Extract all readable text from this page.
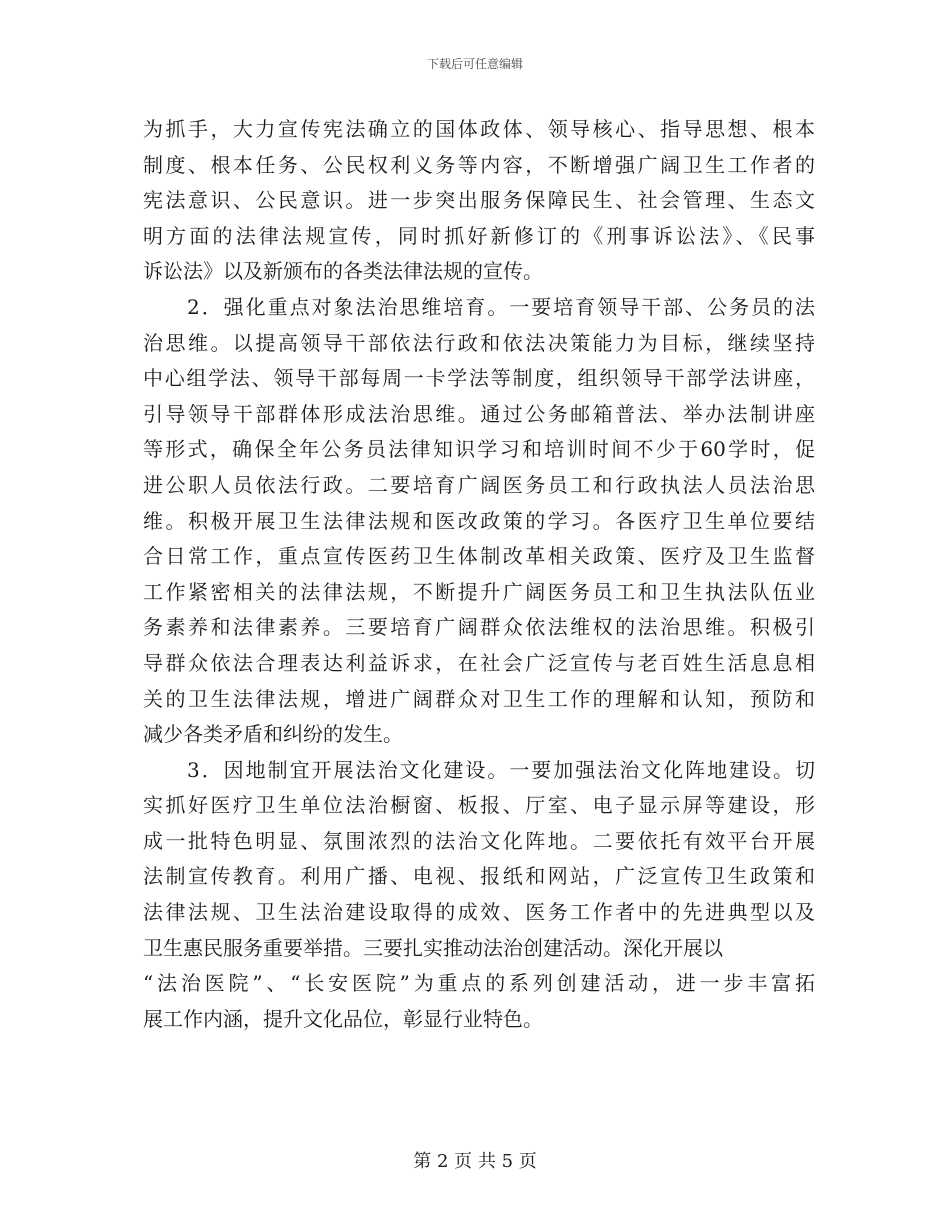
下载后可任意编辑
为抓手，大力宣传宪法确立的国体政体、领导核心、指导思想、根本
制度、根本任务、公民权利义务等内容，不断增强广阔卫生工作者的
宪法意识、公民意识。进一步突出服务保障民生、社会管理、生态文
明方面的法律法规宣传，同时抓好新修订的《刑事诉讼法》、《民事
诉讼法》以及新颁布的各类法律法规的宣传。
2．强化重点对象法治思维培育。一要培育领导干部、公务员的法
治思维。以提高领导干部依法行政和依法决策能力为目标，继续坚持
中心组学法、领导干部每周一卡学法等制度，组织领导干部学法讲座，
引导领导干部群体形成法治思维。通过公务邮箱普法、举办法制讲座
等形式，确保全年公务员法律知识学习和培训时间不少于60学时，促
进公职人员依法行政。二要培育广阔医务员工和行政执法人员法治思
维。积极开展卫生法律法规和医改政策的学习。各医疗卫生单位要结
合日常工作，重点宣传医药卫生体制改革相关政策、医疗及卫生监督
工作紧密相关的法律法规，不断提升广阔医务员工和卫生执法队伍业
务素养和法律素养。三要培育广阔群众依法维权的法治思维。积极引
导群众依法合理表达利益诉求，在社会广泛宣传与老百姓生活息息相
关的卫生法律法规，增进广阔群众对卫生工作的理解和认知，预防和
减少各类矛盾和纠纷的发生。
3．因地制宜开展法治文化建设。一要加强法治文化阵地建设。切
实抓好医疗卫生单位法治橱窗、板报、厅室、电子显示屏等建设，形
成一批特色明显、氛围浓烈的法治文化阵地。二要依托有效平台开展
法制宣传教育。利用广播、电视、报纸和网站，广泛宣传卫生政策和
法律法规、卫生法治建设取得的成效、医务工作者中的先进典型以及
卫生惠民服务重要举措。三要扎实推动法治创建活动。深化开展以
“法治医院”、“长安医院”为重点的系列创建活动，进一步丰富拓
展工作内涵，提升文化品位，彰显行业特色。
第 2 页 共 5 页
